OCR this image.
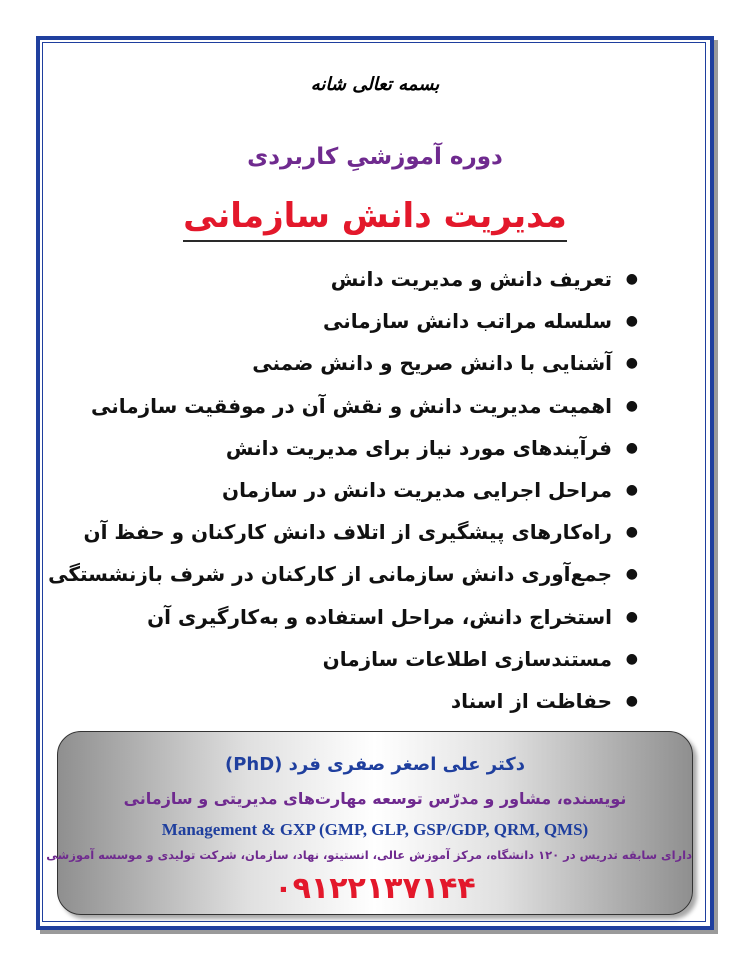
بسمه تعالی شانه
دوره آموزشیِ کاربردی
مدیریت دانش سازمانی
●
تعریف دانش و مدیریت دانش
●
سلسله مراتب دانش سازمانی
●
آشنایی با دانش صریح و دانش ضمنی
●
اهمیت مدیریت دانش و نقش آن در موفقیت سازمانی
●
فرآیندهای مورد نیاز برای مدیریت دانش
●
مراحل اجرایی مدیریت دانش در سازمان
●
راه‌کارهای پیشگیری از اتلاف دانش کارکنان و حفظ آن
●
جمع‌آوری دانش سازمانی از کارکنان در شرف بازنشستگی
●
استخراج دانش، مراحل استفاده و به‌کارگیری آن
●
مستندسازی اطلاعات سازمان
●
حفاظت از اسناد
دکتر علی اصغر صفری فرد (PhD)
نویسنده، مشاور و مدرّس توسعه مهارت‌های مدیریتی و سازمانی
Management & GXP (GMP, GLP, GSP/GDP, QRM, QMS)
دارای سابقه تدریس در ۱۲۰ دانشگاه، مرکز آموزش عالی، انستیتو، نهاد، سازمان، شرکت تولیدی و موسسه آموزشی
۰۹۱۲۲۱۳۷۱۴۴
